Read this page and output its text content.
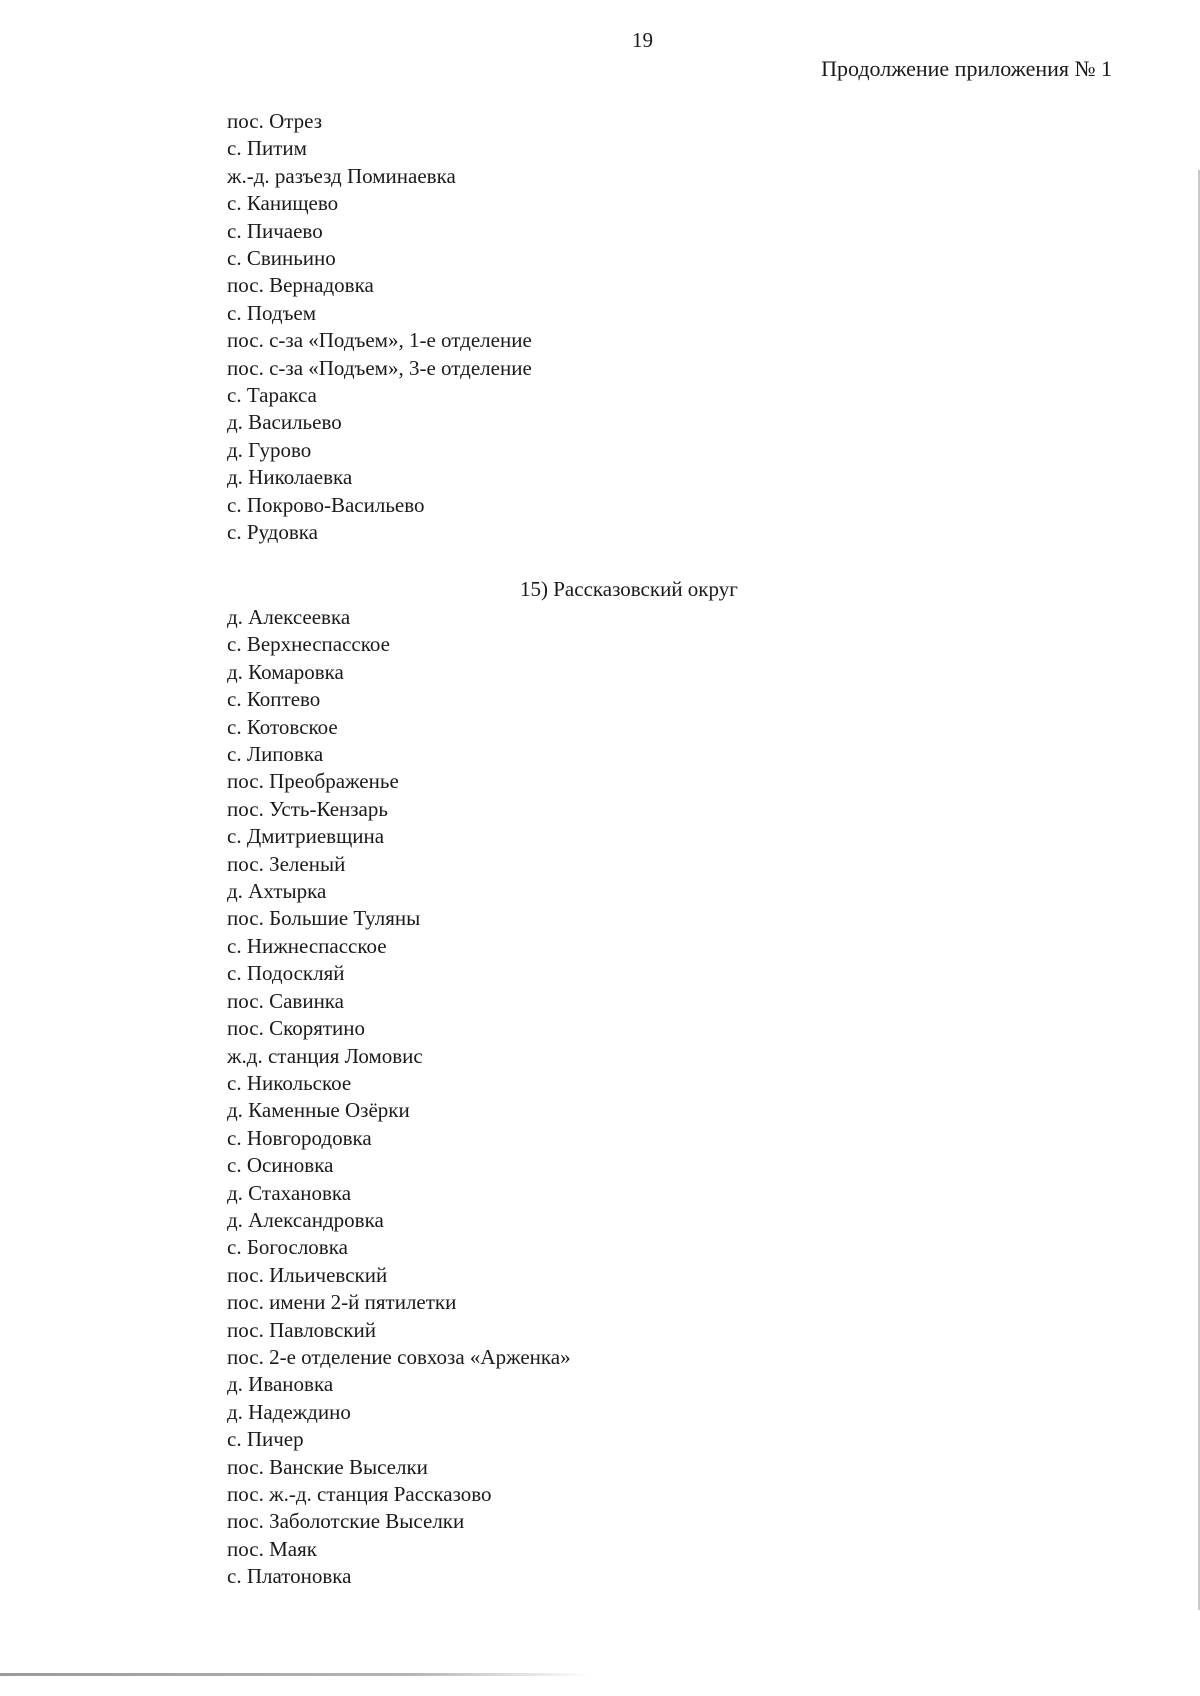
19
Продолжение приложения № 1
пос. Отрез
с. Питим
ж.-д. разъезд Поминаевка
с. Канищево
с. Пичаево
с. Свиньино
пос. Вернадовка
с. Подъем
пос. с-за «Подъем», 1-е отделение
пос. с-за «Подъем», 3-е отделение
с. Таракса
д. Васильево
д. Гурово
д. Николаевка
с. Покрово-Васильево
с. Рудовка
15) Рассказовский округ
д. Алексеевка
с. Верхнеспасское
д. Комаровка
с. Коптево
с. Котовское
с. Липовка
пос. Преображенье
пос. Усть-Кензарь
с. Дмитриевщина
пос. Зеленый
д. Ахтырка
пос. Большие Туляны
с. Нижнеспасское
с. Подоскляй
пос. Савинка
пос. Скорятино
ж.д. станция Ломовис
с. Никольское
д. Каменные Озёрки
с. Новгородовка
с. Осиновка
д. Стахановка
д. Александровка
с. Богословка
пос. Ильичевский
пос. имени 2-й пятилетки
пос. Павловский
пос. 2-е отделение совхоза «Арженка»
д. Ивановка
д. Надеждино
с. Пичер
пос. Ванские Выселки
пос. ж.-д. станция Рассказово
пос. Заболотские Выселки
пос. Маяк
с. Платоновка
